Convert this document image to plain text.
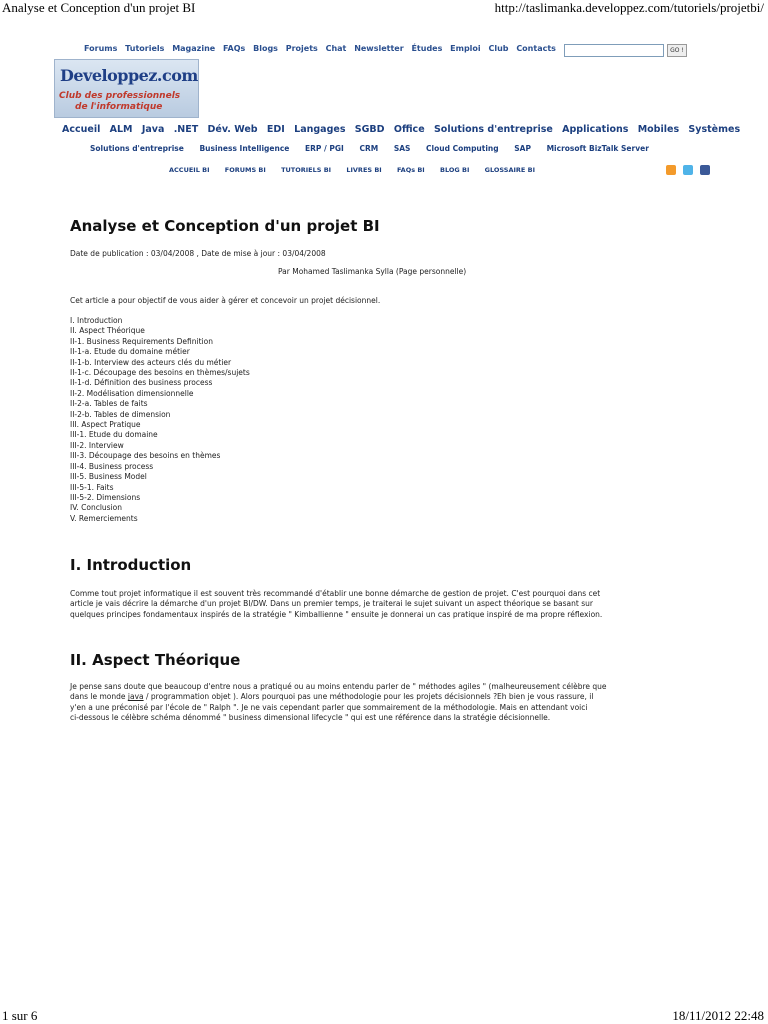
Analyse et Conception d'un projet BI	http://taslimanka.developpez.com/tutoriels/projetbi/
Forums Tutoriels Magazine FAQs Blogs Projets Chat Newsletter Études Emploi Club Contacts	GO !
Developpez.com
Club des professionnels
de l'informatique
Accueil ALM Java .NET Dév. Web EDI Langages SGBD Office Solutions d'entreprise Applications Mobiles Systèmes
Solutions d'entreprise Business Intelligence ERP / PGI CRM SAS Cloud Computing SAP Microsoft BizTalk Server
ACCUEIL BI FORUMS BI TUTORIELS BI LIVRES BI FAQs BI BLOG BI GLOSSAIRE BI

Analyse et Conception d'un projet BI
Date de publication : 03/04/2008 , Date de mise à jour : 03/04/2008
Par Mohamed Taslimanka Sylla (Page personnelle)
Cet article a pour objectif de vous aider à gérer et concevoir un projet décisionnel.
I. Introduction
II. Aspect Théorique
II-1. Business Requirements Definition
II-1-a. Etude du domaine métier
II-1-b. Interview des acteurs clés du métier
II-1-c. Découpage des besoins en thèmes/sujets
II-1-d. Définition des business process
II-2. Modélisation dimensionnelle
II-2-a. Tables de faits
II-2-b. Tables de dimension
III. Aspect Pratique
III-1. Etude du domaine
III-2. Interview
III-3. Découpage des besoins en thèmes
III-4. Business process
III-5. Business Model
III-5-1. Faits
III-5-2. Dimensions
IV. Conclusion
V. Remerciements
I. Introduction
Comme tout projet informatique il est souvent très recommandé d'établir une bonne démarche de gestion de projet. C'est pourquoi dans cet
article je vais décrire la démarche d'un projet BI/DW. Dans un premier temps, je traiterai le sujet suivant un aspect théorique se basant sur
quelques principes fondamentaux inspirés de la stratégie " Kimballienne " ensuite je donnerai un cas pratique inspiré de ma propre réflexion.
II. Aspect Théorique
Je pense sans doute que beaucoup d'entre nous a pratiqué ou au moins entendu parler de " méthodes agiles " (malheureusement célèbre que
dans le monde java / programmation objet ). Alors pourquoi pas une méthodologie pour les projets décisionnels ?Eh bien je vous rassure, il
y'en a une préconisé par l'école de " Ralph ". Je ne vais cependant parler que sommairement de la méthodologie. Mais en attendant voici
ci-dessous le célèbre schéma dénommé " business dimensional lifecycle " qui est une référence dans la stratégie décisionnelle.
1 sur 6	18/11/2012 22:48
